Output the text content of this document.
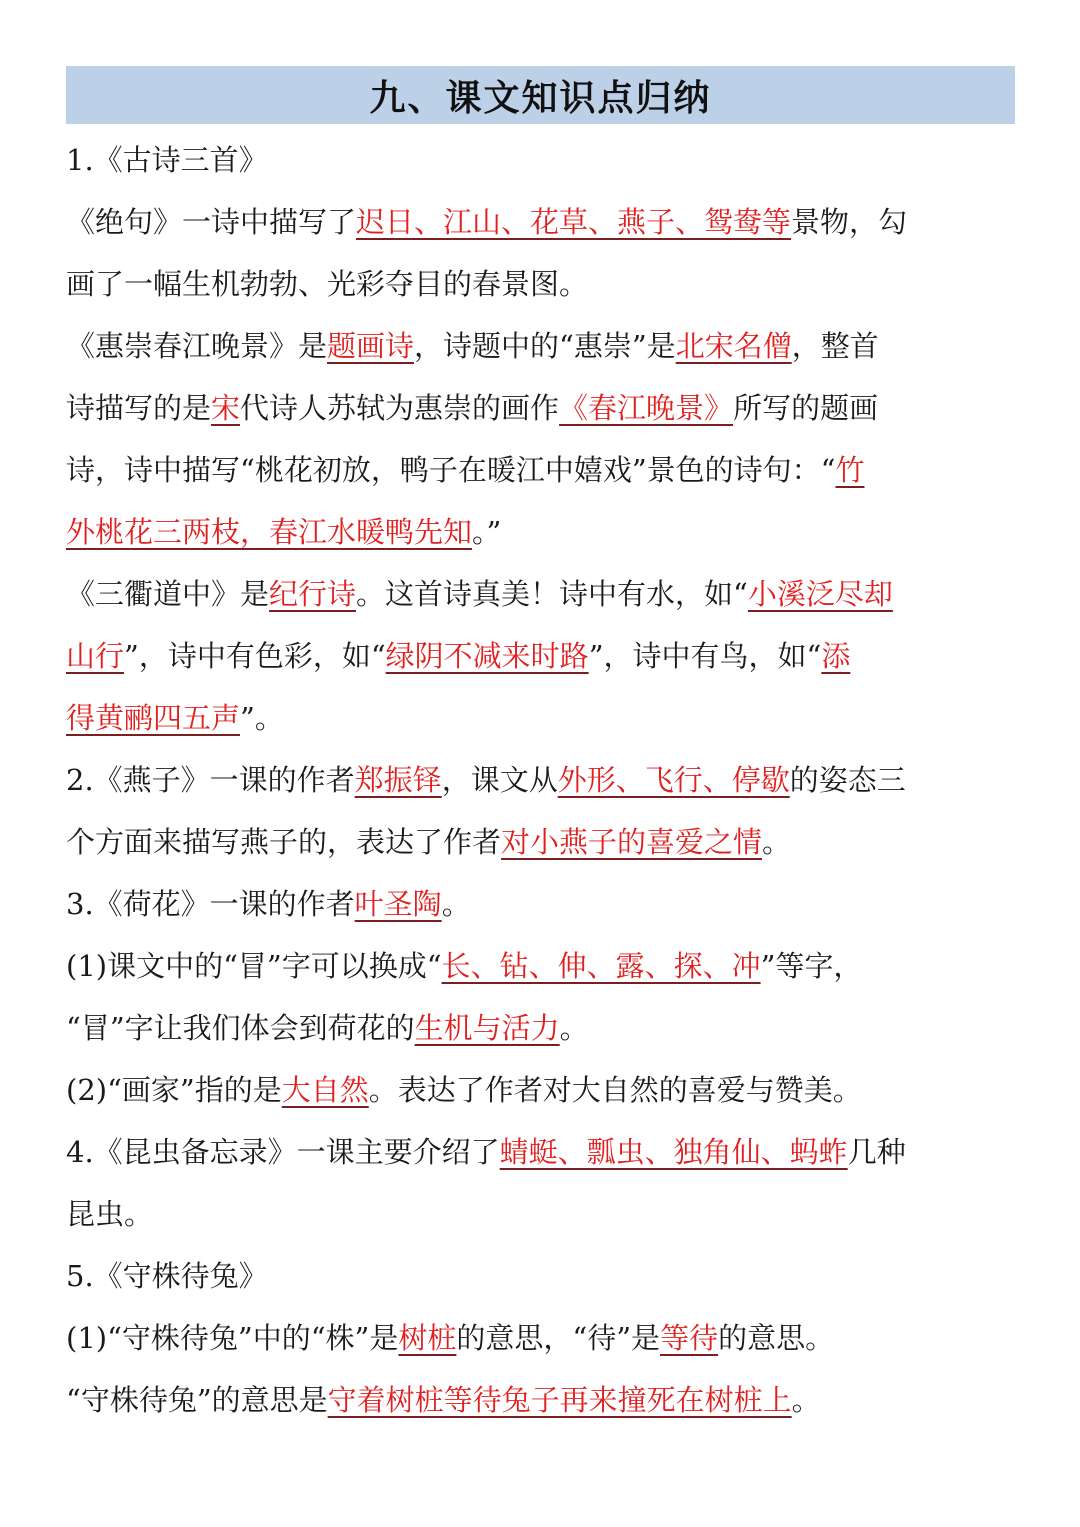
九、课文知识点归纳
1.《古诗三首》
《绝句》一诗中描写了迟日、江山、花草、燕子、鸳鸯等景物，勾
画了一幅生机勃勃、光彩夺目的春景图。
《惠崇春江晚景》是题画诗，诗题中的“惠崇”是北宋名僧，整首
诗描写的是宋代诗人苏轼为惠崇的画作《春江晚景》所写的题画
诗，诗中描写“桃花初放，鸭子在暖江中嬉戏”景色的诗句：“竹
外桃花三两枝，春江水暖鸭先知。”
《三衢道中》是纪行诗。这首诗真美！诗中有水，如“小溪泛尽却
山行”，诗中有色彩，如“绿阴不减来时路”，诗中有鸟，如“添
得黄鹂四五声”。
2.《燕子》一课的作者郑振铎，课文从外形、飞行、停歇的姿态三
个方面来描写燕子的，表达了作者对小燕子的喜爱之情。
3.《荷花》一课的作者叶圣陶。
(1)课文中的“冒”字可以换成“长、钻、伸、露、探、冲”等字，
“冒”字让我们体会到荷花的生机与活力。
(2)“画家”指的是大自然。表达了作者对大自然的喜爱与赞美。
4.《昆虫备忘录》一课主要介绍了蜻蜓、瓢虫、独角仙、蚂蚱几种
昆虫。
5.《守株待兔》
(1)“守株待兔”中的“株”是树桩的意思，“待”是等待的意思。
“守株待兔”的意思是守着树桩等待兔子再来撞死在树桩上。
